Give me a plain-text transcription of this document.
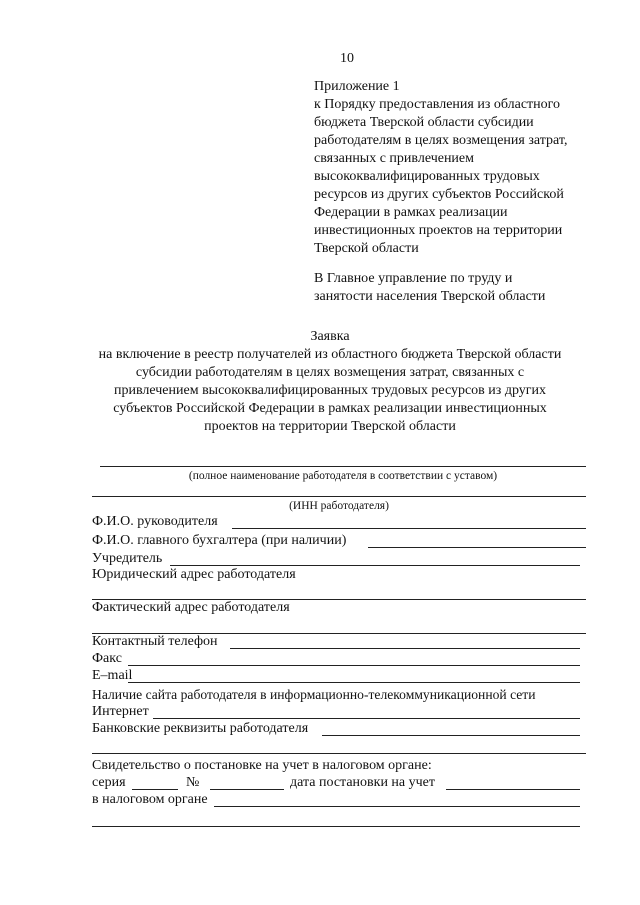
10
Приложение 1
к Порядку предоставления из областного
бюджета Тверской области субсидии
работодателям в целях возмещения затрат,
связанных с привлечением
высококвалифицированных трудовых
ресурсов из других субъектов Российской
Федерации в рамках реализации
инвестиционных проектов на территории
Тверской области
В Главное управление по труду и
занятости населения Тверской области
Заявка
на включение в реестр получателей из областного бюджета Тверской области
субсидии работодателям в целях возмещения затрат, связанных с
привлечением высококвалифицированных трудовых ресурсов из других
субъектов Российской Федерации в рамках реализации инвестиционных
проектов на территории Тверской области
(полное наименование работодателя в соответствии с уставом)
(ИНН работодателя)
Ф.И.О. руководителя
Ф.И.О. главного бухгалтера (при наличии)
Учредитель
Юридический адрес работодателя
Фактический адрес работодателя
Контактный телефон
Факс
E–mail
Наличие сайта работодателя в информационно-телекоммуникационной сети
Интернет
Банковские реквизиты работодателя
Свидетельство о постановке на учет в налоговом органе:
серия	№	дата постановки на учет
в налоговом органе
